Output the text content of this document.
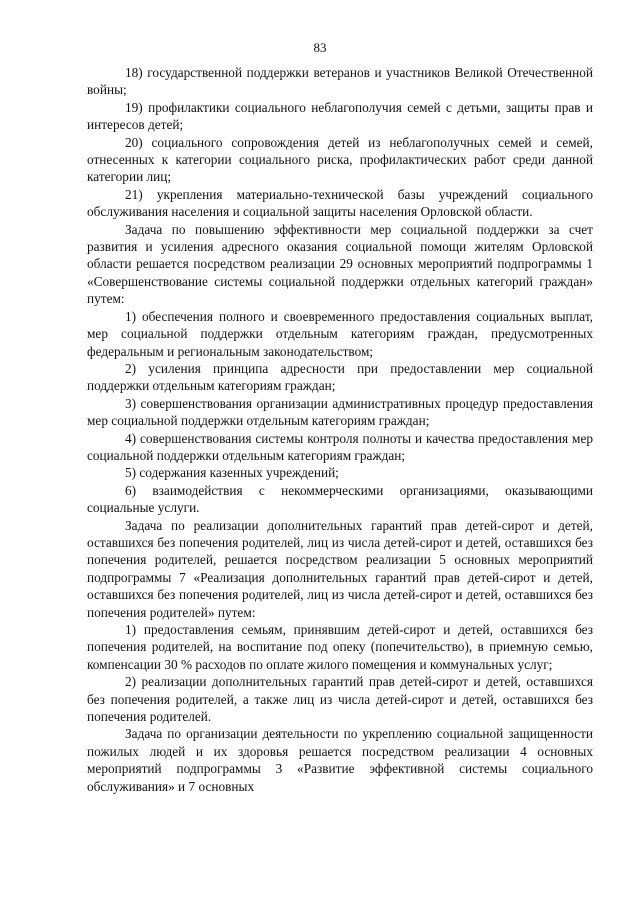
83

18) государственной поддержки ветеранов и участников Великой Отечественной войны;

19) профилактики социального неблагополучия семей с детьми, защиты прав и интересов детей;

20) социального сопровождения детей из неблагополучных семей и семей, отнесенных к категории социального риска, профилактических работ среди данной категории лиц;

21) укрепления материально-технической базы учреждений социального обслуживания населения и социальной защиты населения Орловской области.

Задача по повышению эффективности мер социальной поддержки за счет развития и усиления адресного оказания социальной помощи жителям Орловской области решается посредством реализации 29 основных мероприятий подпрограммы 1 «Совершенствование системы социальной поддержки отдельных категорий граждан» путем:

1) обеспечения полного и своевременного предоставления социальных выплат, мер социальной поддержки отдельным категориям граждан, предусмотренных федеральным и региональным законодательством;

2) усиления принципа адресности при предоставлении мер социальной поддержки отдельным категориям граждан;

3) совершенствования организации административных процедур предоставления мер социальной поддержки отдельным категориям граждан;

4) совершенствования системы контроля полноты и качества предоставления мер социальной поддержки отдельным категориям граждан;

5) содержания казенных учреждений;

6) взаимодействия с некоммерческими организациями, оказывающими социальные услуги.

Задача по реализации дополнительных гарантий прав детей-сирот и детей, оставшихся без попечения родителей, лиц из числа детей-сирот и детей, оставшихся без попечения родителей, решается посредством реализации 5 основных мероприятий подпрограммы 7 «Реализация дополнительных гарантий прав детей-сирот и детей, оставшихся без попечения родителей, лиц из числа детей-сирот и детей, оставшихся без попечения родителей» путем:

1) предоставления семьям, принявшим детей-сирот и детей, оставшихся без попечения родителей, на воспитание под опеку (попечительство), в приемную семью, компенсации 30 % расходов по оплате жилого помещения и коммунальных услуг;

2) реализации дополнительных гарантий прав детей-сирот и детей, оставшихся без попечения родителей, а также лиц из числа детей-сирот и детей, оставшихся без попечения родителей.

Задача по организации деятельности по укреплению социальной защищенности пожилых людей и их здоровья решается посредством реализации 4 основных мероприятий подпрограммы 3 «Развитие эффективной системы социального обслуживания» и 7 основных
